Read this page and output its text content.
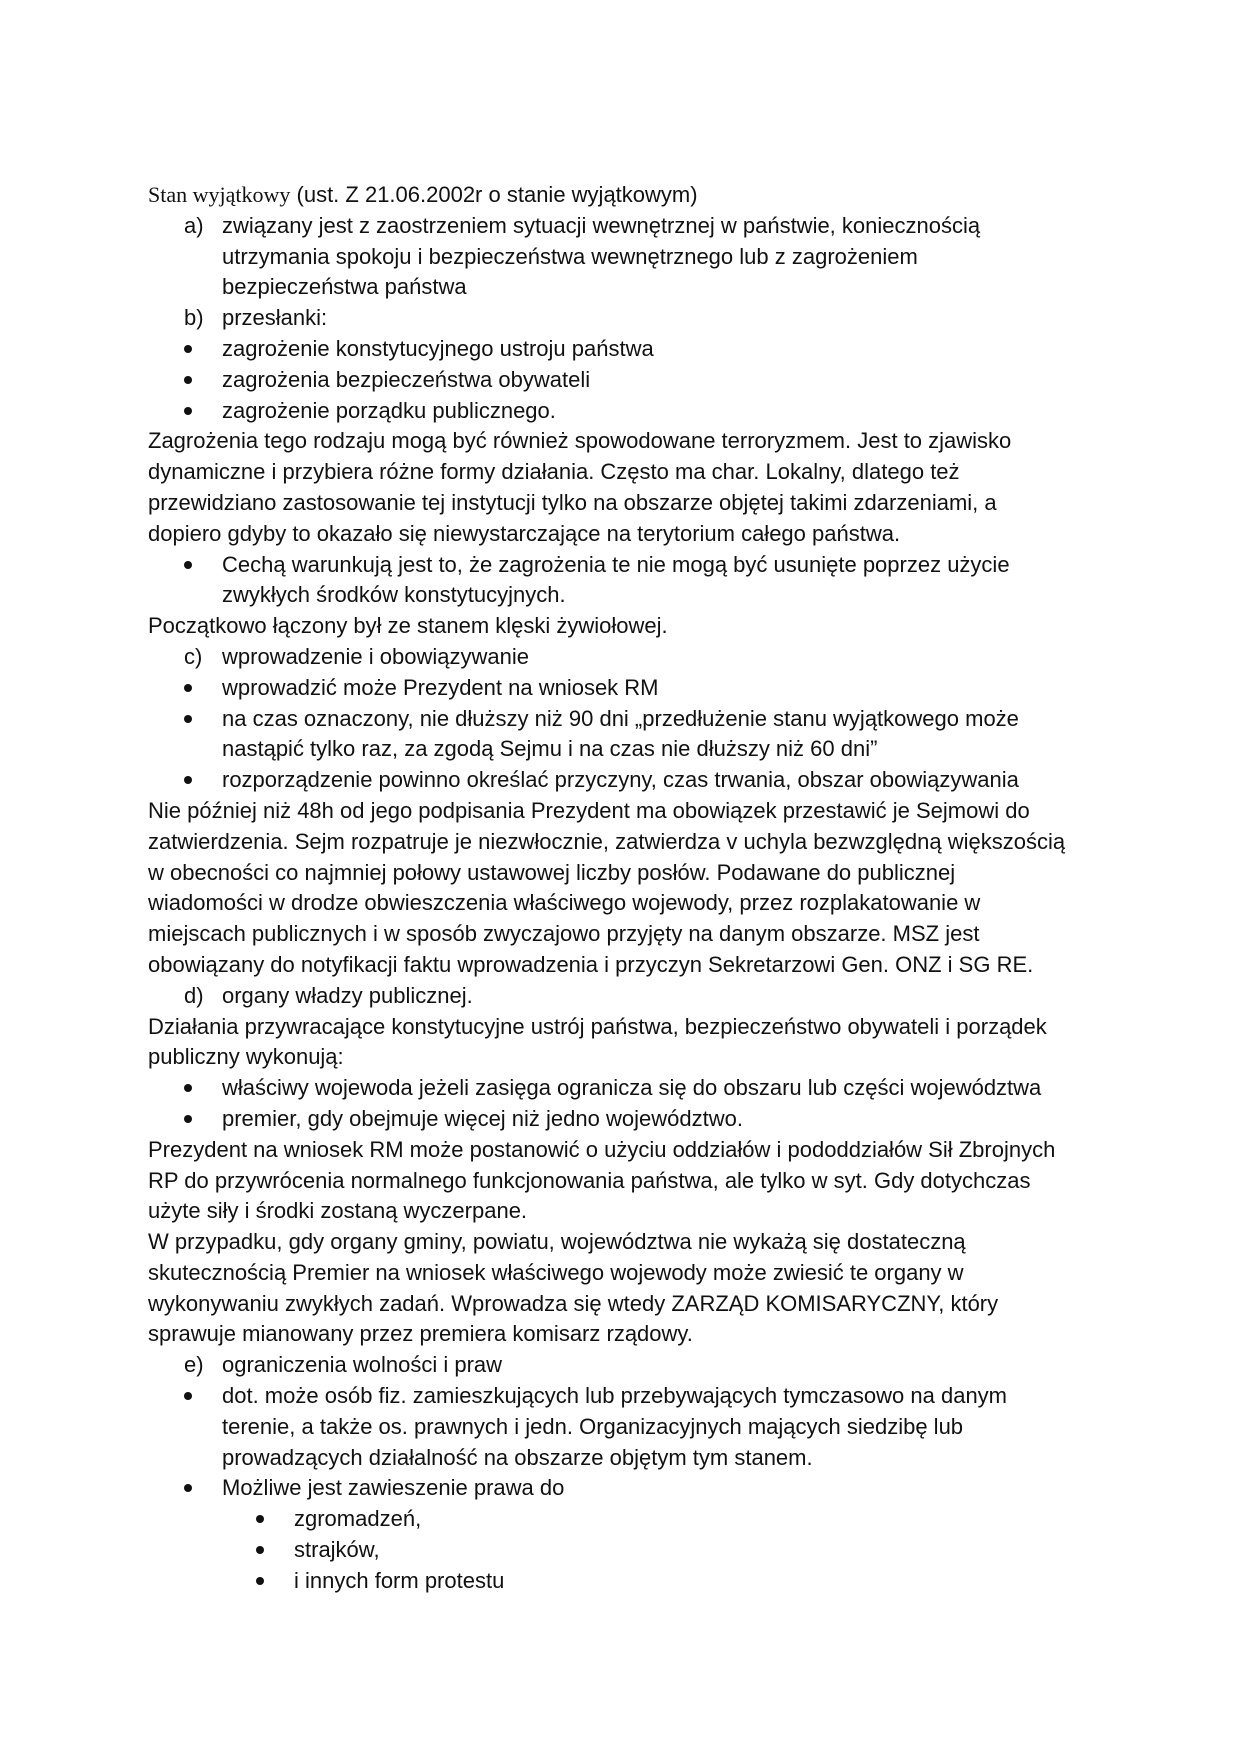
Stan wyjątkowy (ust. Z 21.06.2002r o stanie wyjątkowym)
a) związany jest z zaostrzeniem sytuacji wewnętrznej w państwie, koniecznością
utrzymania spokoju i bezpieczeństwa wewnętrznego lub z zagrożeniem
bezpieczeństwa państwa
b) przesłanki:
zagrożenie konstytucyjnego ustroju państwa
zagrożenia bezpieczeństwa obywateli
zagrożenie porządku publicznego.
Zagrożenia tego rodzaju mogą być również spowodowane terroryzmem. Jest to zjawisko
dynamiczne i przybiera różne formy działania. Często ma char. Lokalny, dlatego też
przewidziano zastosowanie tej instytucji tylko na obszarze objętej takimi zdarzeniami, a
dopiero gdyby to okazało się niewystarczające na terytorium całego państwa.
Cechą warunkują jest to, że zagrożenia te nie mogą być usunięte poprzez użycie
zwykłych środków konstytucyjnych.
Początkowo łączony był ze stanem klęski żywiołowej.
c) wprowadzenie i obowiązywanie
wprowadzić może Prezydent na wniosek RM
na czas oznaczony, nie dłuższy niż 90 dni „przedłużenie stanu wyjątkowego może
nastąpić tylko raz, za zgodą Sejmu i na czas nie dłuższy niż 60 dni”
rozporządzenie powinno określać przyczyny, czas trwania, obszar obowiązywania
Nie później niż 48h od jego podpisania Prezydent ma obowiązek przestawić je Sejmowi do
zatwierdzenia. Sejm rozpatruje je niezwłocznie, zatwierdza v uchyla bezwzględną większością
w obecności co najmniej połowy ustawowej liczby posłów. Podawane do publicznej
wiadomości w drodze obwieszczenia właściwego wojewody, przez rozplakatowanie w
miejscach publicznych i w sposób zwyczajowo przyjęty na danym obszarze. MSZ jest
obowiązany do notyfikacji faktu wprowadzenia i przyczyn Sekretarzowi Gen. ONZ i SG RE.
d) organy władzy publicznej.
Działania przywracające konstytucyjne ustrój państwa, bezpieczeństwo obywateli i porządek
publiczny wykonują:
właściwy wojewoda jeżeli zasięga ogranicza się do obszaru lub części województwa
premier, gdy obejmuje więcej niż jedno województwo.
Prezydent na wniosek RM może postanowić o użyciu oddziałów i pododdziałów Sił Zbrojnych
RP do przywrócenia normalnego funkcjonowania państwa, ale tylko w syt. Gdy dotychczas
użyte siły i środki zostaną wyczerpane.
W przypadku, gdy organy gminy, powiatu, województwa nie wykażą się dostateczną
skutecznością Premier na wniosek właściwego wojewody może zwiesić te organy w
wykonywaniu zwykłych zadań. Wprowadza się wtedy ZARZĄD KOMISARYCZNY, który
sprawuje mianowany przez premiera komisarz rządowy.
e) ograniczenia wolności i praw
dot. może osób fiz. zamieszkujących lub przebywających tymczasowo na danym
terenie, a także os. prawnych i jedn. Organizacyjnych mających siedzibę lub
prowadzących działalność na obszarze objętym tym stanem.
Możliwe jest zawieszenie prawa do
zgromadzeń,
strajków,
i innych form protestu
